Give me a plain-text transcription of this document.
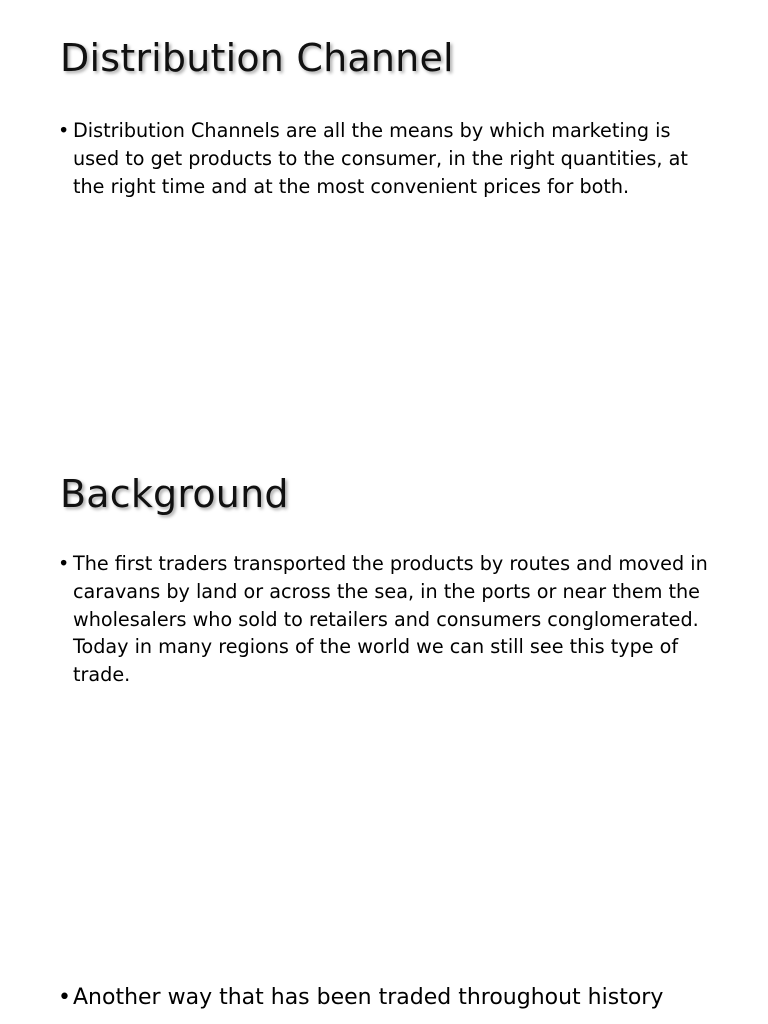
Distribution Channel
• Distribution Channels are all the means by which marketing is used to get products to the consumer, in the right quantities, at the right time and at the most convenient prices for both.
Background
• The first traders transported the products by routes and moved in caravans by land or across the sea, in the ports or near them the wholesalers who sold to retailers and consumers conglomerated. Today in many regions of the world we can still see this type of trade.
• Another way that has been traded throughout history
